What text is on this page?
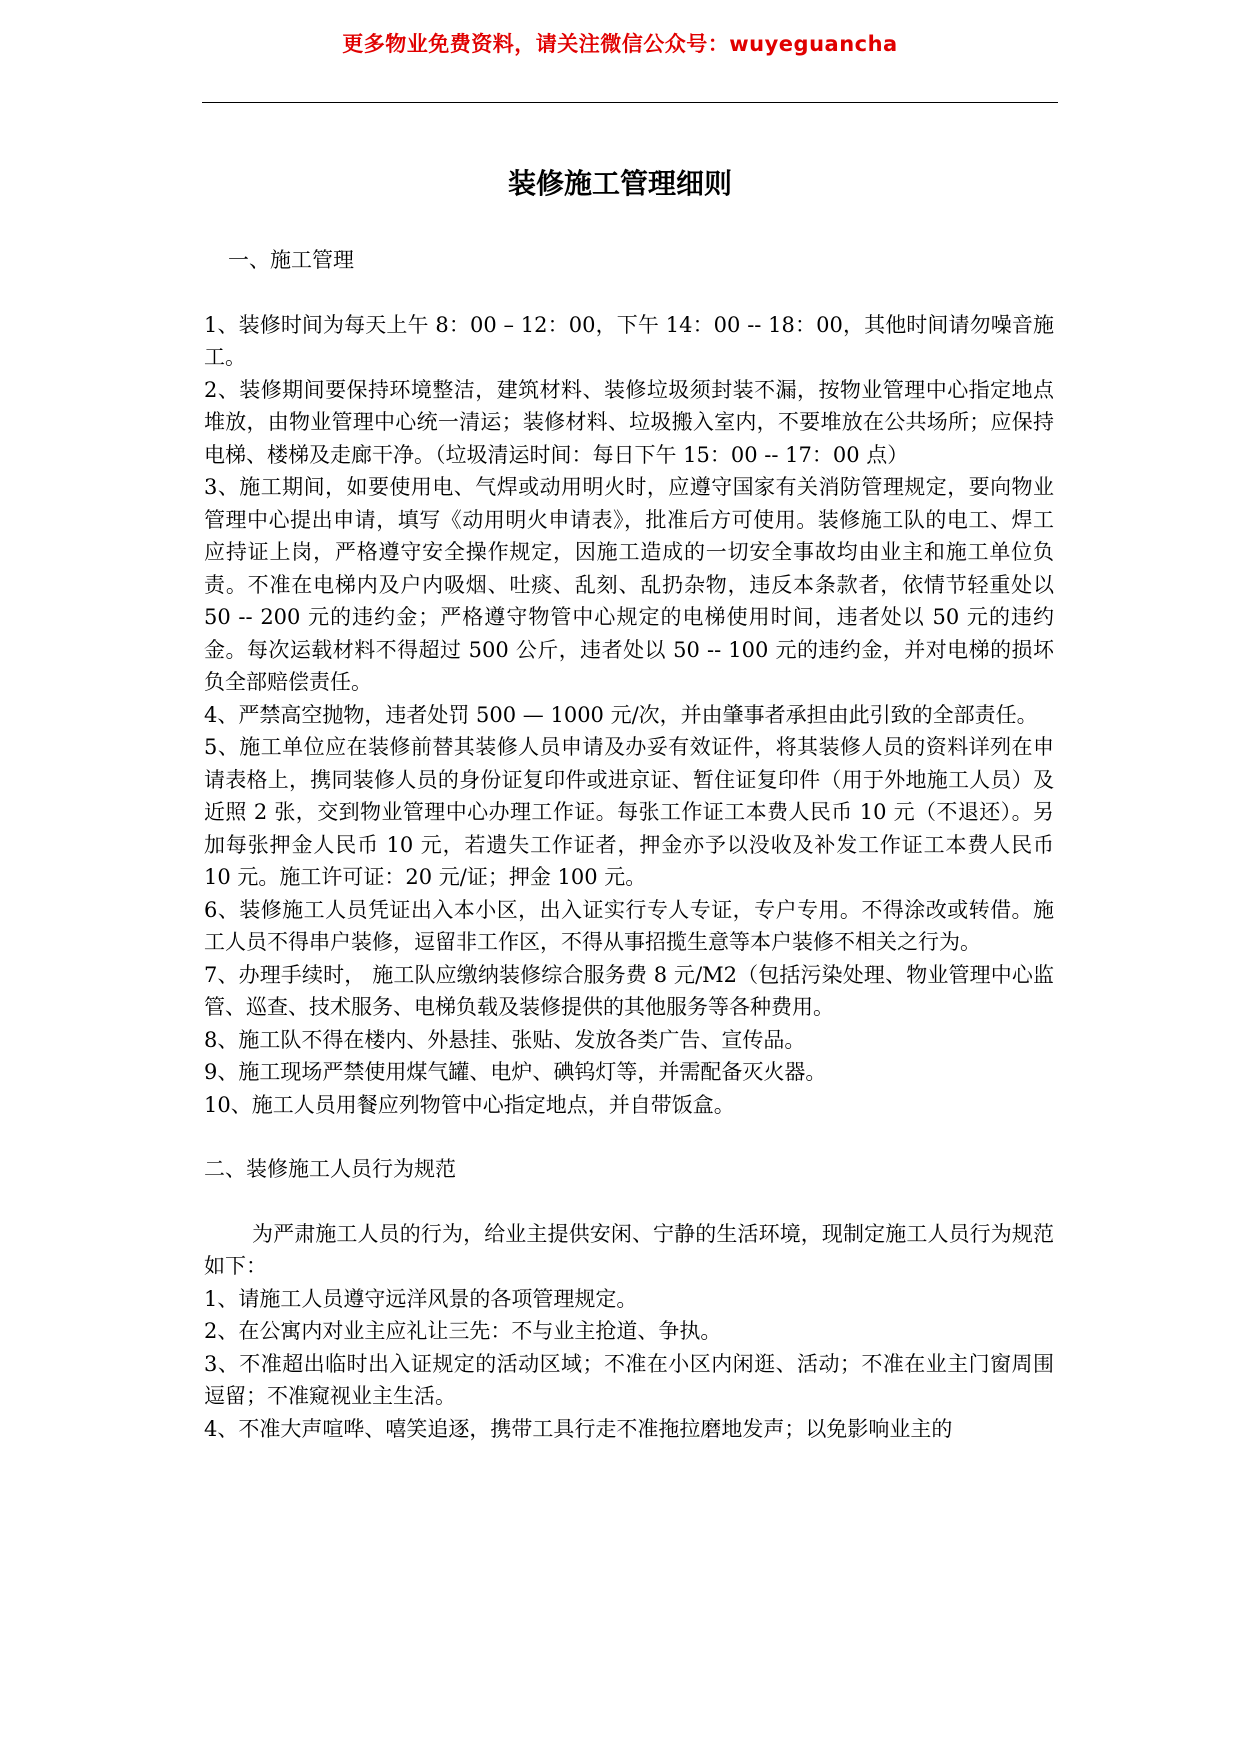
更多物业免费资料，请关注微信公众号：wuyeguancha
装修施工管理细则

一、施工管理

1、装修时间为每天上午 8：00 – 12：00，下午 14：00 -- 18：00，其他时间请勿噪音施工。

2、装修期间要保持环境整洁，建筑材料、装修垃圾须封装不漏，按物业管理中心指定地点堆放，由物业管理中心统一清运；装修材料、垃圾搬入室内，不要堆放在公共场所；应保持电梯、楼梯及走廊干净。（垃圾清运时间：每日下午 15：00 -- 17：00 点）

3、施工期间，如要使用电、气焊或动用明火时，应遵守国家有关消防管理规定，要向物业管理中心提出申请，填写《动用明火申请表》，批准后方可使用。装修施工队的电工、焊工应持证上岗，严格遵守安全操作规定，因施工造成的一切安全事故均由业主和施工单位负责。不准在电梯内及户内吸烟、吐痰、乱刻、乱扔杂物，违反本条款者，依情节轻重处以 50 -- 200 元的违约金；严格遵守物管中心规定的电梯使用时间，违者处以 50 元的违约金。每次运载材料不得超过 500 公斤，违者处以 50 -- 100 元的违约金，并对电梯的损坏负全部赔偿责任。

4、严禁高空抛物，违者处罚 500 — 1000 元/次，并由肇事者承担由此引致的全部责任。

5、施工单位应在装修前替其装修人员申请及办妥有效证件，将其装修人员的资料详列在申请表格上，携同装修人员的身份证复印件或进京证、暂住证复印件（用于外地施工人员）及近照 2 张，交到物业管理中心办理工作证。每张工作证工本费人民币 10 元（不退还）。另加每张押金人民币 10 元，若遗失工作证者，押金亦予以没收及补发工作证工本费人民币 10 元。施工许可证：20 元/证；押金 100 元。

6、装修施工人员凭证出入本小区，出入证实行专人专证，专户专用。不得涂改或转借。施工人员不得串户装修，逗留非工作区，不得从事招揽生意等本户装修不相关之行为。

7、办理手续时， 施工队应缴纳装修综合服务费 8 元/M2（包括污染处理、物业管理中心监管、巡查、技术服务、电梯负载及装修提供的其他服务等各种费用。

8、施工队不得在楼内、外悬挂、张贴、发放各类广告、宣传品。

9、施工现场严禁使用煤气罐、电炉、碘钨灯等，并需配备灭火器。

10、施工人员用餐应列物管中心指定地点，并自带饭盒。

二、装修施工人员行为规范

为严肃施工人员的行为，给业主提供安闲、宁静的生活环境，现制定施工人员行为规范如下：

1、请施工人员遵守远洋风景的各项管理规定。

2、在公寓内对业主应礼让三先：不与业主抢道、争执。

3、不准超出临时出入证规定的活动区域；不准在小区内闲逛、活动；不准在业主门窗周围逗留；不准窥视业主生活。

4、不准大声喧哗、嘻笑追逐，携带工具行走不准拖拉磨地发声；以免影响业主的
